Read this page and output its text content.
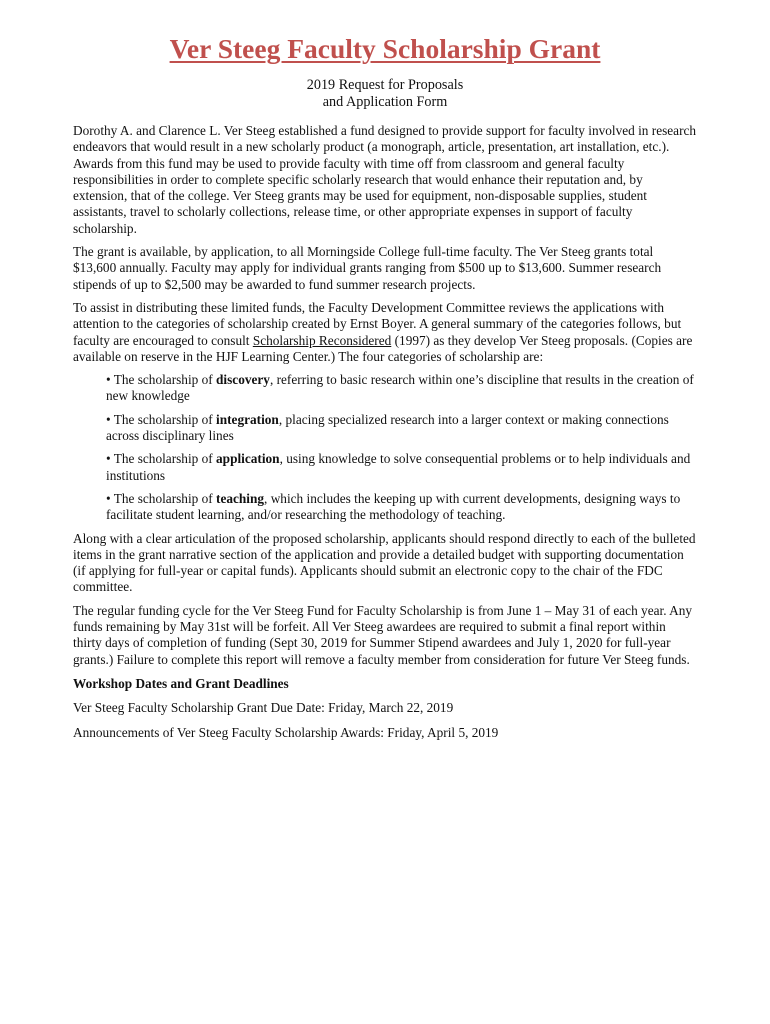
Ver Steeg Faculty Scholarship Grant
2019 Request for Proposals
and Application Form

Dorothy A. and Clarence L. Ver Steeg established a fund designed to provide support for faculty involved in research endeavors that would result in a new scholarly product (a monograph, article, presentation, art installation, etc.). Awards from this fund may be used to provide faculty with time off from classroom and general faculty responsibilities in order to complete specific scholarly research that would enhance their reputation and, by extension, that of the college. Ver Steeg grants may be used for equipment, non-disposable supplies, student assistants, travel to scholarly collections, release time, or other appropriate expenses in support of faculty scholarship.

The grant is available, by application, to all Morningside College full-time faculty. The Ver Steeg grants total $13,600 annually. Faculty may apply for individual grants ranging from $500 up to $13,600. Summer research stipends of up to $2,500 may be awarded to fund summer research projects.

To assist in distributing these limited funds, the Faculty Development Committee reviews the applications with attention to the categories of scholarship created by Ernst Boyer. A general summary of the categories follows, but faculty are encouraged to consult Scholarship Reconsidered (1997) as they develop Ver Steeg proposals. (Copies are available on reserve in the HJF Learning Center.) The four categories of scholarship are:

• The scholarship of discovery, referring to basic research within one’s discipline that results in the creation of new knowledge
• The scholarship of integration, placing specialized research into a larger context or making connections across disciplinary lines
• The scholarship of application, using knowledge to solve consequential problems or to help individuals and institutions
• The scholarship of teaching, which includes the keeping up with current developments, designing ways to facilitate student learning, and/or researching the methodology of teaching.

Along with a clear articulation of the proposed scholarship, applicants should respond directly to each of the bulleted items in the grant narrative section of the application and provide a detailed budget with supporting documentation (if applying for full-year or capital funds). Applicants should submit an electronic copy to the chair of the FDC committee.

The regular funding cycle for the Ver Steeg Fund for Faculty Scholarship is from June 1 – May 31 of each year. Any funds remaining by May 31st will be forfeit. All Ver Steeg awardees are required to submit a final report within thirty days of completion of funding (Sept 30, 2019 for Summer Stipend awardees and July 1, 2020 for full-year grants.) Failure to complete this report will remove a faculty member from consideration for future Ver Steeg funds.

Workshop Dates and Grant Deadlines
Ver Steeg Faculty Scholarship Grant Due Date: Friday, March 22, 2019
Announcements of Ver Steeg Faculty Scholarship Awards: Friday, April 5, 2019
